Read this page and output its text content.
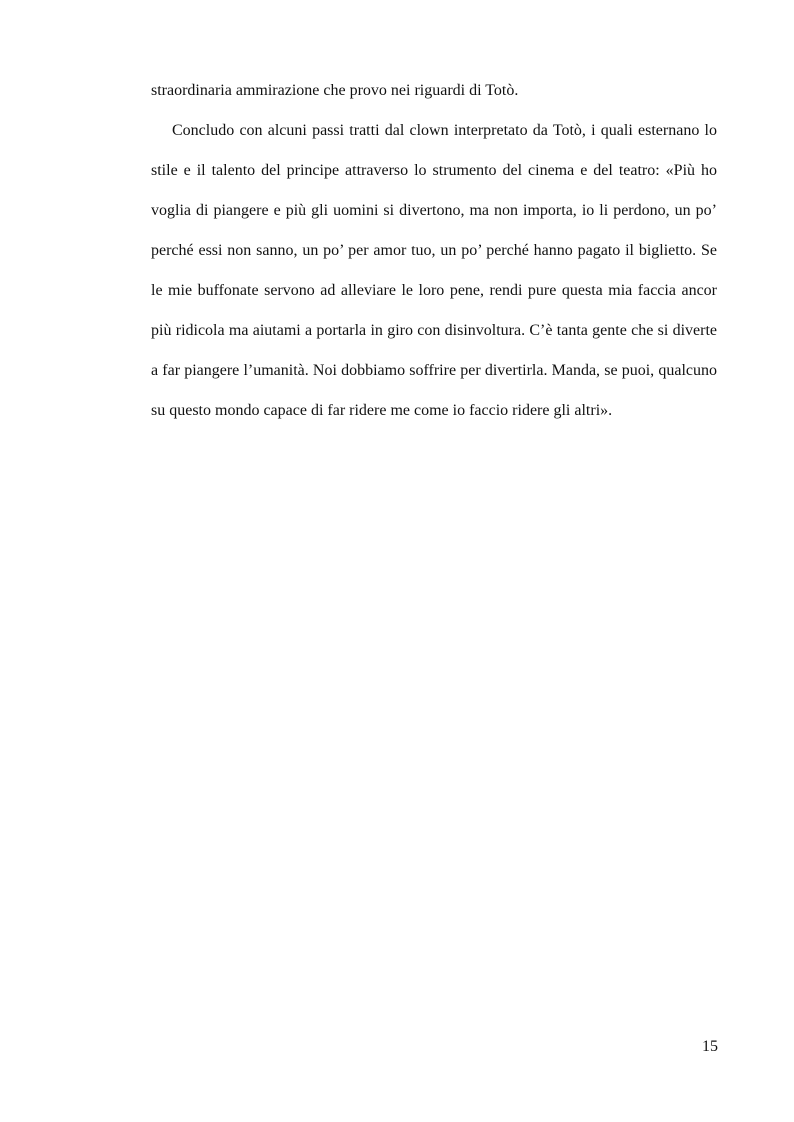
straordinaria ammirazione che provo nei riguardi di Totò.

Concludo con alcuni passi tratti dal clown interpretato da Totò, i quali esternano lo stile e il talento del principe attraverso lo strumento del cinema e del teatro: «Più ho voglia di piangere e più gli uomini si divertono, ma non importa, io li perdono, un po’ perché essi non sanno, un po’ per amor tuo, un po’ perché hanno pagato il biglietto. Se le mie buffonate servono ad alleviare le loro pene, rendi pure questa mia faccia ancor più ridicola ma aiutami a portarla in giro con disinvoltura. C’è tanta gente che si diverte a far piangere l’umanità. Noi dobbiamo soffrire per divertirla. Manda, se puoi, qualcuno su questo mondo capace di far ridere me come io faccio ridere gli altri».

15
